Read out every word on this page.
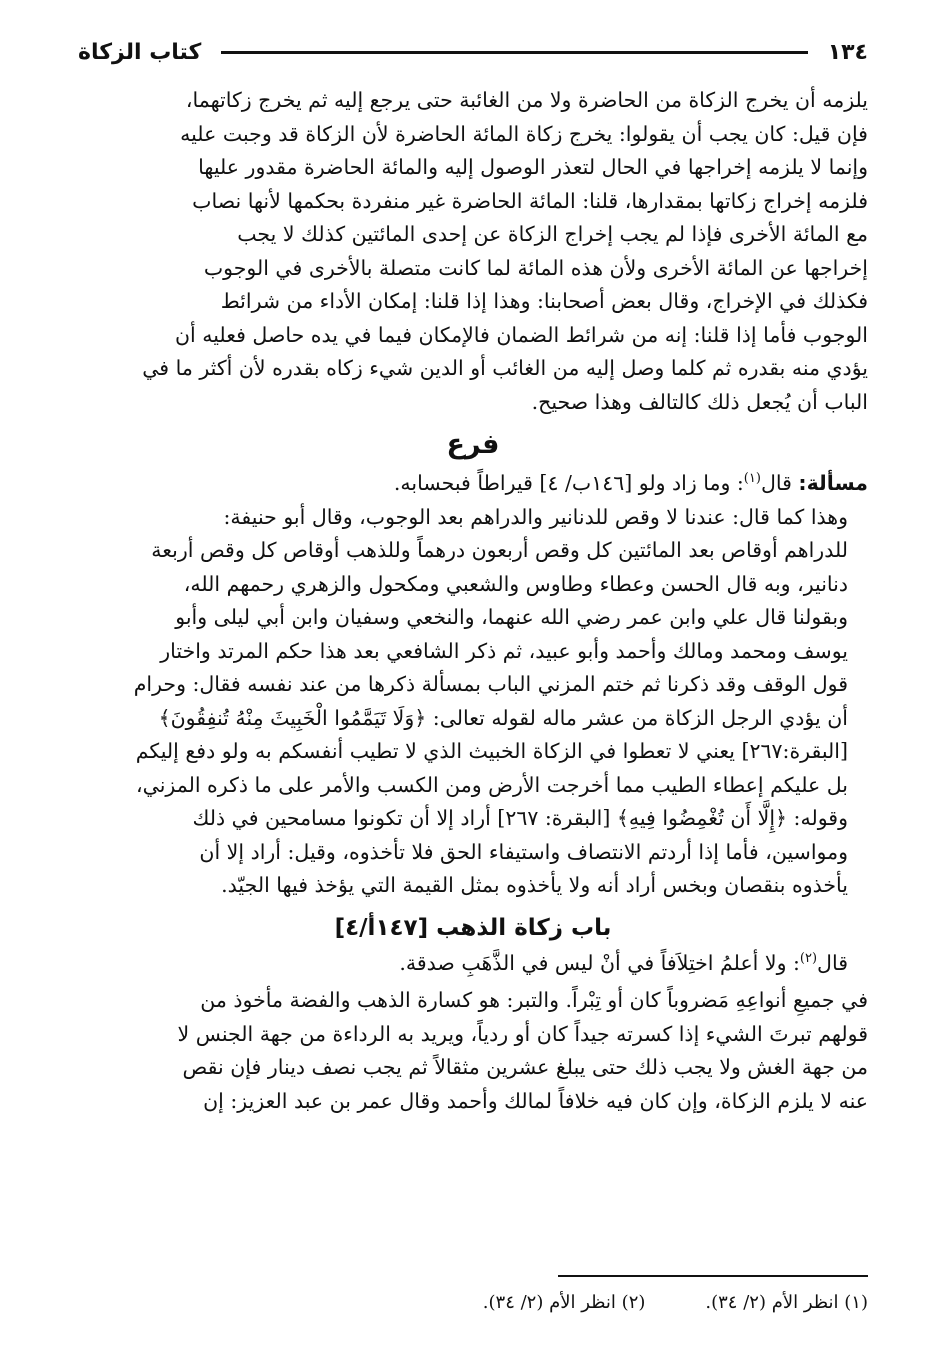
١٣٤
كتاب الزكاة
يلزمه أن يخرج الزكاة من الحاضرة ولا من الغائبة حتى يرجع إليه ثم يخرج زكاتهما،
فإن قيل: كان يجب أن يقولوا: يخرج زكاة المائة الحاضرة لأن الزكاة قد وجبت عليه
وإنما لا يلزمه إخراجها في الحال لتعذر الوصول إليه والمائة الحاضرة مقدور عليها
فلزمه إخراج زكاتها بمقدارها، قلنا: المائة الحاضرة غير منفردة بحكمها لأنها نصاب
مع المائة الأخرى فإذا لم يجب إخراج الزكاة عن إحدى المائتين كذلك لا يجب
إخراجها عن المائة الأخرى ولأن هذه المائة لما كانت متصلة بالأخرى في الوجوب
فكذلك في الإخراج، وقال بعض أصحابنا: وهذا إذا قلنا: إمكان الأداء من شرائط
الوجوب فأما إذا قلنا: إنه من شرائط الضمان فالإمكان فيما في يده حاصل فعليه أن
يؤدي منه بقدره ثم كلما وصل إليه من الغائب أو الدين شيء زكاه بقدره لأن أكثر ما في
الباب أن يُجعل ذلك كالتالف وهذا صحيح.
فرع
مسألة: قال$^{(١)}$: وما زاد ولو [١٤٦ب/ ٤] قيراطاً فبحسابه.
وهذا كما قال: عندنا لا وقص للدنانير والدراهم بعد الوجوب، وقال أبو حنيفة:
للدراهم أوقاص بعد المائتين كل وقص أربعون درهماً وللذهب أوقاص كل وقص أربعة
دنانير، وبه قال الحسن وعطاء وطاوس والشعبي ومكحول والزهري رحمهم الله،
وبقولنا قال علي وابن عمر رضي الله عنهما، والنخعي وسفيان وابن أبي ليلى وأبو
يوسف ومحمد ومالك وأحمد وأبو عبيد، ثم ذكر الشافعي بعد هذا حكم المرتد واختار
قول الوقف وقد ذكرنا ثم ختم المزني الباب بمسألة ذكرها من عند نفسه فقال: وحرام
أن يؤدي الرجل الزكاة من عشر ماله لقوله تعالى: ﴿وَلَا تَيَمَّمُوا الْخَبِيثَ مِنْهُ تُنفِقُونَ﴾
[البقرة:٢٦٧] يعني لا تعطوا في الزكاة الخبيث الذي لا تطيب أنفسكم به ولو دفع إليكم
بل عليكم إعطاء الطيب مما أخرجت الأرض ومن الكسب والأمر على ما ذكره المزني،
وقوله: ﴿إِلَّا أَن تُغْمِضُوا فِيهِ﴾ [البقرة: ٢٦٧] أراد إلا أن تكونوا مسامحين في ذلك
ومواسين، فأما إذا أردتم الانتصاف واستيفاء الحق فلا تأخذوه، وقيل: أراد إلا أن
يأخذوه بنقصان وبخس أراد أنه ولا يأخذوه بمثل القيمة التي يؤخذ فيها الجيّد.
باب زكاة الذهب [١٤٧أ/٤]
قال$^{(٢)}$: ولا أعلمُ اختِلاَفاً في أنْ ليس في الذَّهَبِ صدقة.
في جميعِ أنواعِهِ مَضروباً كان أو تِبْراً. والتبر: هو كسارة الذهب والفضة مأخوذ من
قولهم تبرتَ الشيء إذا كسرته جيداً كان أو ردياً، ويريد به الرداءة من جهة الجنس لا
من جهة الغش ولا يجب ذلك حتى يبلغ عشرين مثقالاً ثم يجب نصف دينار فإن نقص
عنه لا يلزم الزكاة، وإن كان فيه خلافاً لمالك وأحمد وقال عمر بن عبد العزيز: إن
(١) انظر الأم (٢/ ٣٤).
(٢) انظر الأم (٢/ ٣٤).
